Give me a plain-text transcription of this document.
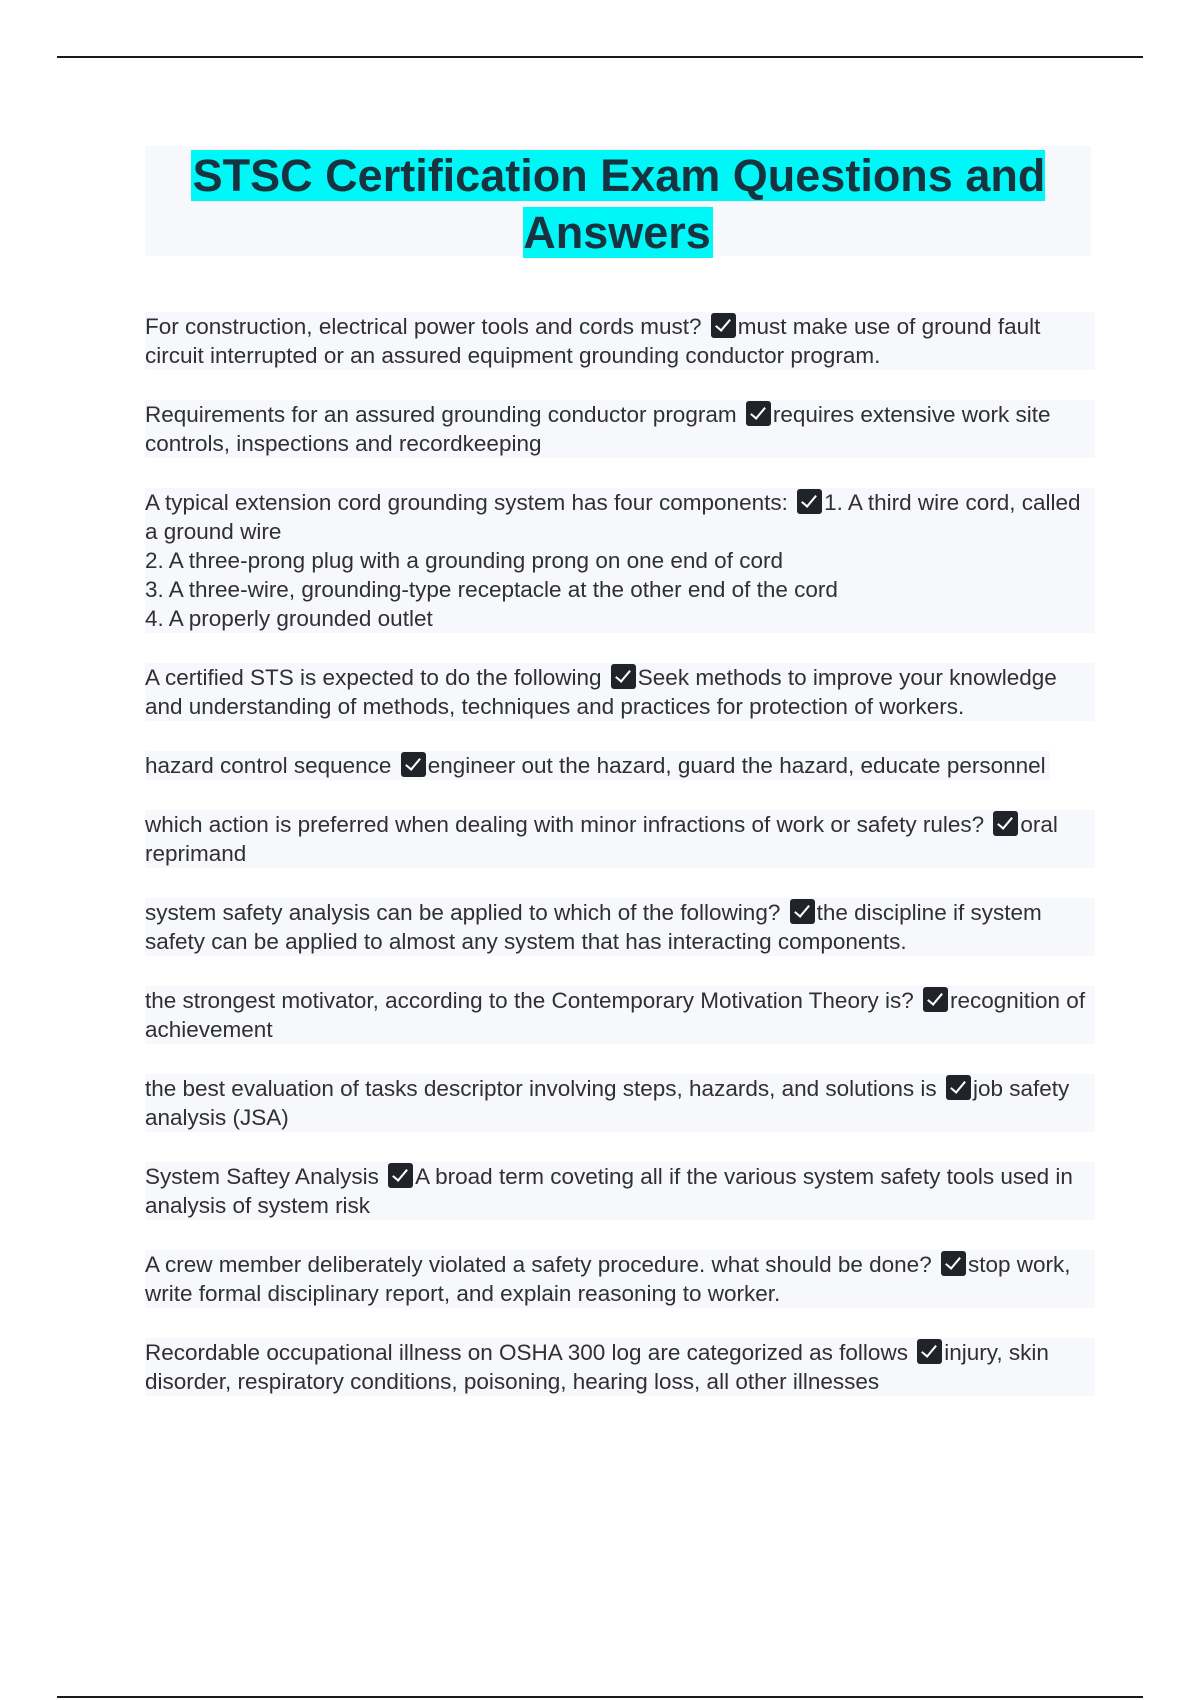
STSC Certification Exam Questions and Answers
For construction, electrical power tools and cords must? must make use of ground fault circuit interrupted or an assured equipment grounding conductor program.
Requirements for an assured grounding conductor program requires extensive work site controls, inspections and recordkeeping
A typical extension cord grounding system has four components: 1. A third wire cord, called a ground wire
2. A three-prong plug with a grounding prong on one end of cord
3. A three-wire, grounding-type receptacle at the other end of the cord
4. A properly grounded outlet
A certified STS is expected to do the following Seek methods to improve your knowledge and understanding of methods, techniques and practices for protection of workers.
hazard control sequence engineer out the hazard, guard the hazard, educate personnel
which action is preferred when dealing with minor infractions of work or safety rules? oral reprimand
system safety analysis can be applied to which of the following? the discipline if system safety can be applied to almost any system that has interacting components.
the strongest motivator, according to the Contemporary Motivation Theory is? recognition of achievement
the best evaluation of tasks descriptor involving steps, hazards, and solutions is job safety analysis (JSA)
System Saftey Analysis A broad term coveting all if the various system safety tools used in analysis of system risk
A crew member deliberately violated a safety procedure. what should be done? stop work, write formal disciplinary report, and explain reasoning to worker.
Recordable occupational illness on OSHA 300 log are categorized as follows injury, skin disorder, respiratory conditions, poisoning, hearing loss, all other illnesses
